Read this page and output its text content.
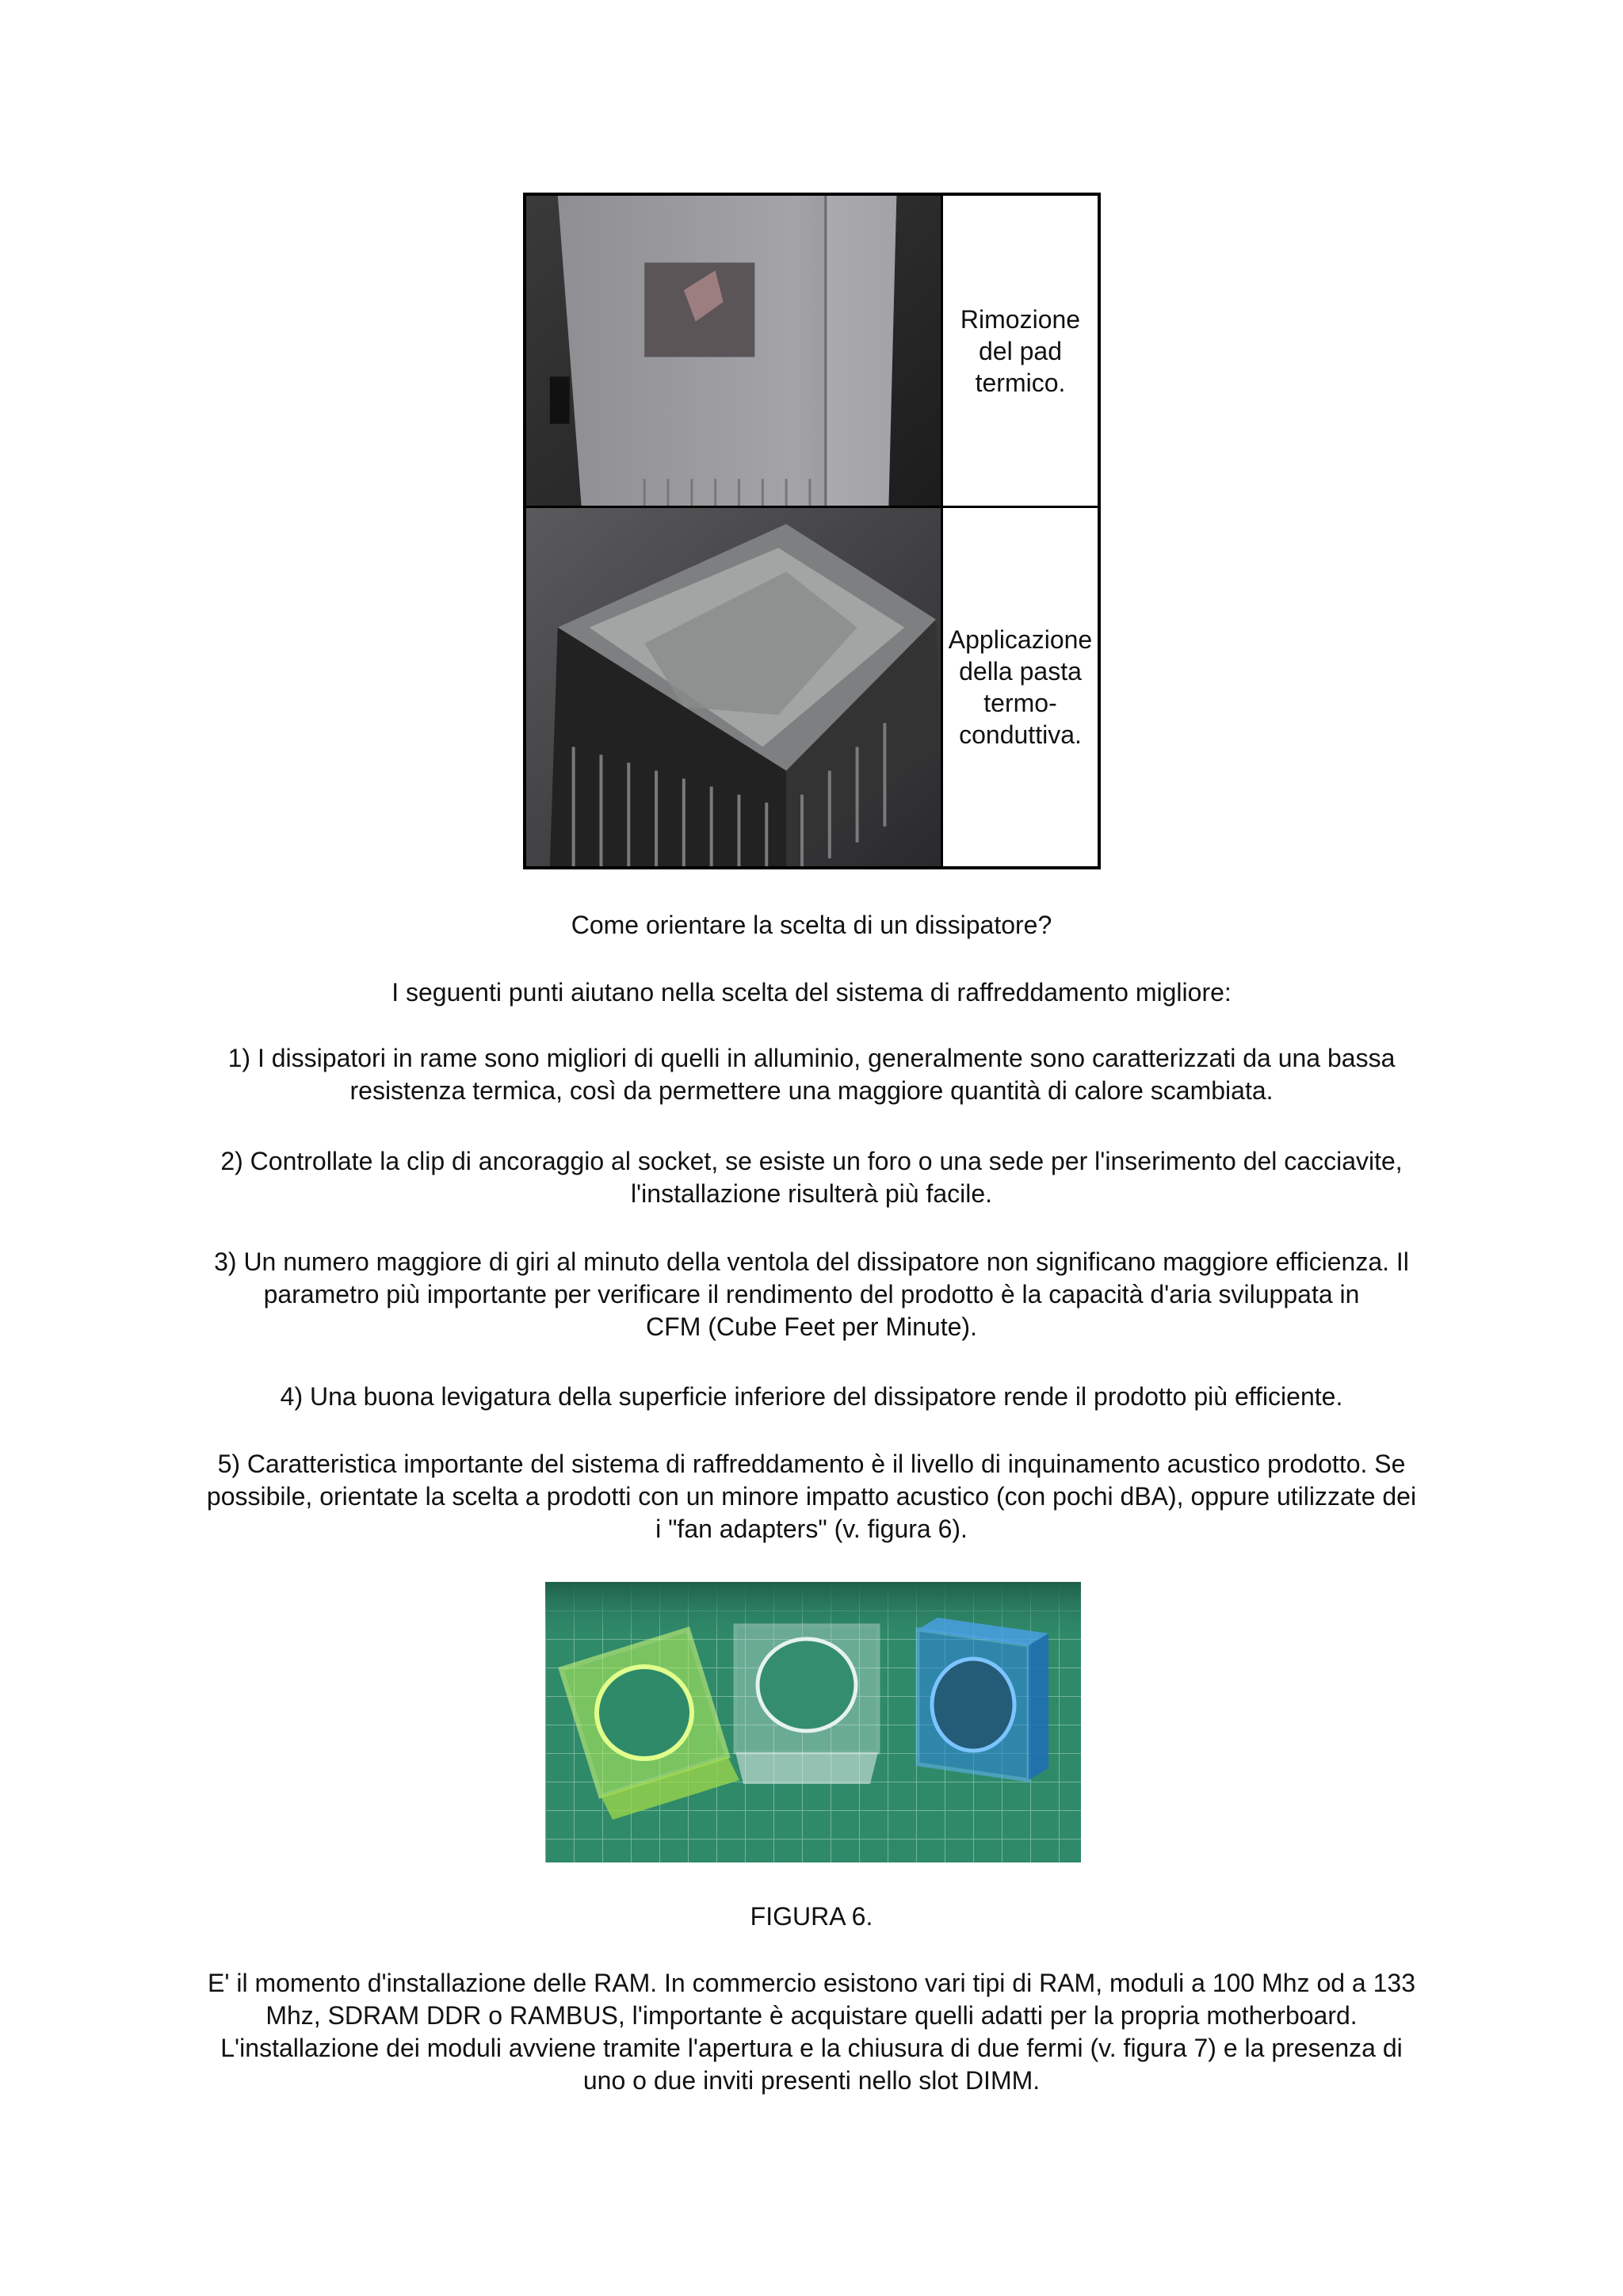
Rimozione
del pad
termico.
Applicazione
della pasta
termo-
conduttiva.
Come orientare la scelta di un dissipatore?
I seguenti punti aiutano nella scelta del sistema di raffreddamento migliore:
1) I dissipatori in rame sono migliori di quelli in alluminio, generalmente sono caratterizzati da una bassa
resistenza termica, così da permettere una maggiore quantità di calore scambiata.
2) Controllate la clip di ancoraggio al socket, se esiste un foro o una sede per l'inserimento del cacciavite,
l'installazione risulterà più facile.
3) Un numero maggiore di giri al minuto della ventola del dissipatore non significano maggiore efficienza. Il
parametro più importante per verificare il rendimento del prodotto è la capacità d'aria sviluppata in
CFM (Cube Feet per Minute).
4) Una buona levigatura della superficie inferiore del dissipatore rende il prodotto più efficiente.
5) Caratteristica importante del sistema di raffreddamento è il livello di inquinamento acustico prodotto. Se
possibile, orientate la scelta a prodotti con un minore impatto acustico (con pochi dBA), oppure utilizzate dei
i "fan adapters" (v. figura 6).
FIGURA 6.
E' il momento d'installazione delle RAM. In commercio esistono vari tipi di RAM, moduli a 100 Mhz od a 133
Mhz, SDRAM DDR o RAMBUS, l'importante è acquistare quelli adatti per la propria motherboard.
L'installazione dei moduli avviene tramite l'apertura e la chiusura di due fermi (v. figura 7) e la presenza di
uno o due inviti presenti nello slot DIMM.
